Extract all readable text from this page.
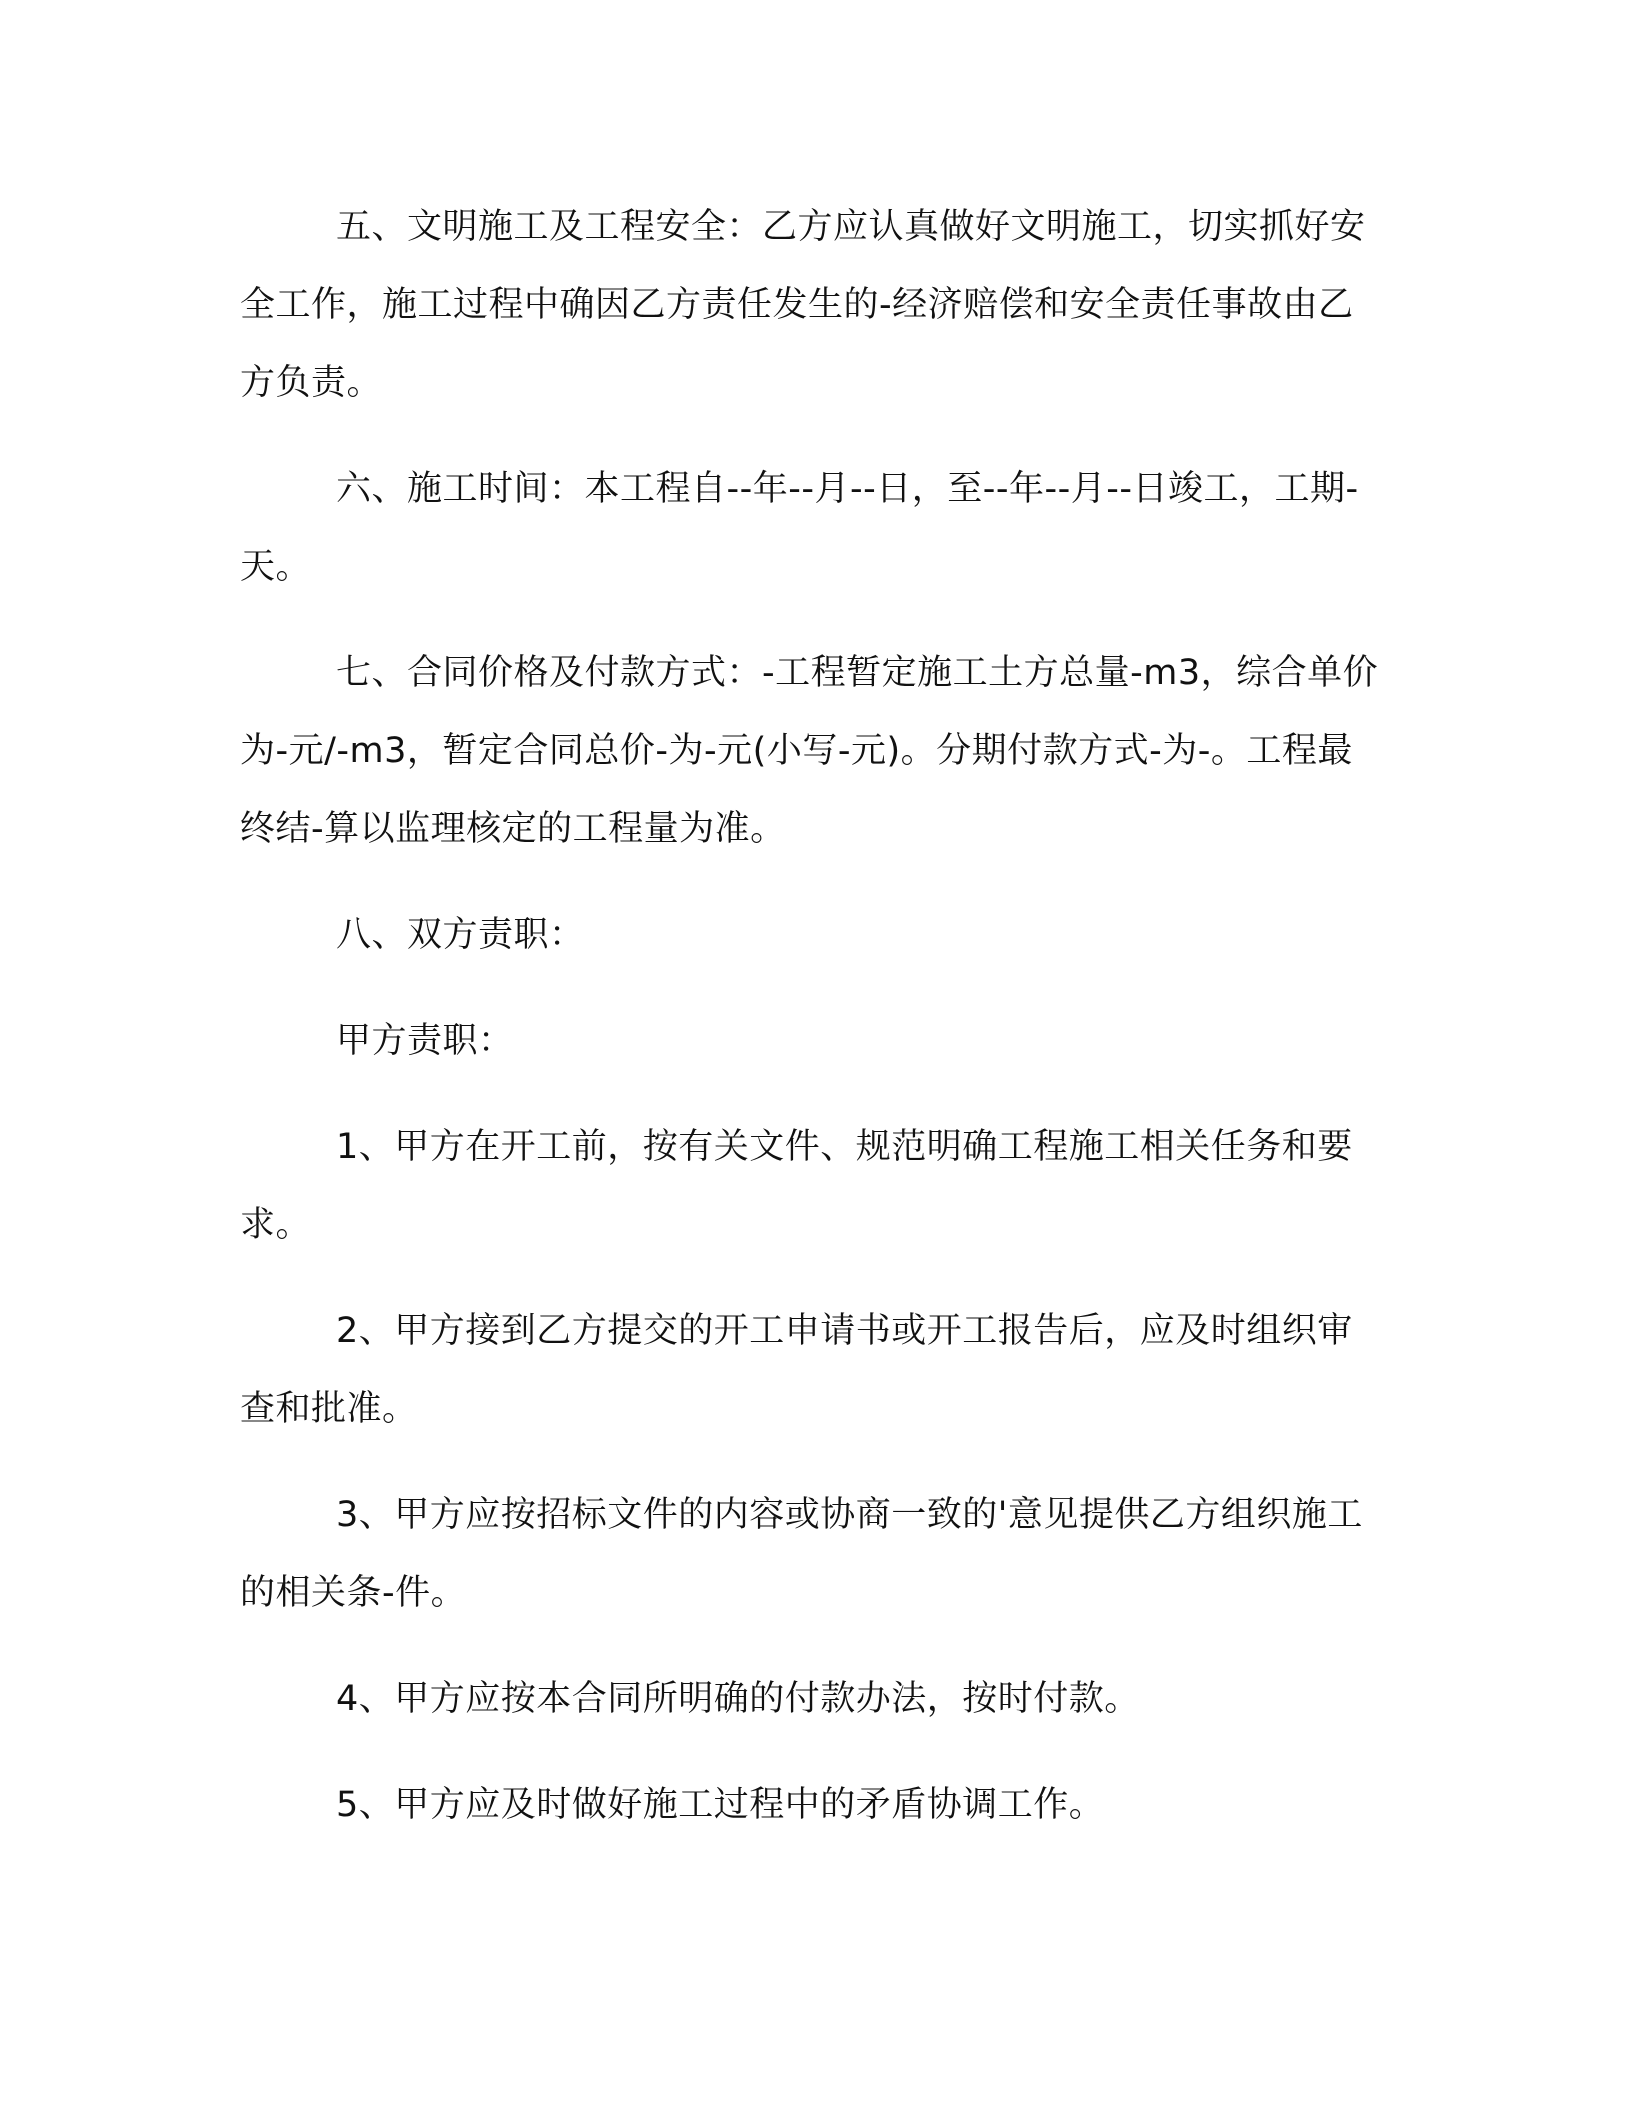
五、文明施工及工程安全：乙方应认真做好文明施工，切实抓好安全工作，施工过程中确因乙方责任发生的-经济赔偿和安全责任事故由乙方负责。

六、施工时间：本工程自--年--月--日，至--年--月--日竣工，工期-天。

七、合同价格及付款方式：-工程暂定施工土方总量-m3，综合单价为-元/-m3，暂定合同总价-为-元(小写-元)。分期付款方式-为-。工程最终结-算以监理核定的工程量为准。

八、双方责职：

甲方责职：

1、甲方在开工前，按有关文件、规范明确工程施工相关任务和要求。

2、甲方接到乙方提交的开工申请书或开工报告后，应及时组织审查和批准。

3、甲方应按招标文件的内容或协商一致的'意见提供乙方组织施工的相关条-件。

4、甲方应按本合同所明确的付款办法，按时付款。

5、甲方应及时做好施工过程中的矛盾协调工作。
